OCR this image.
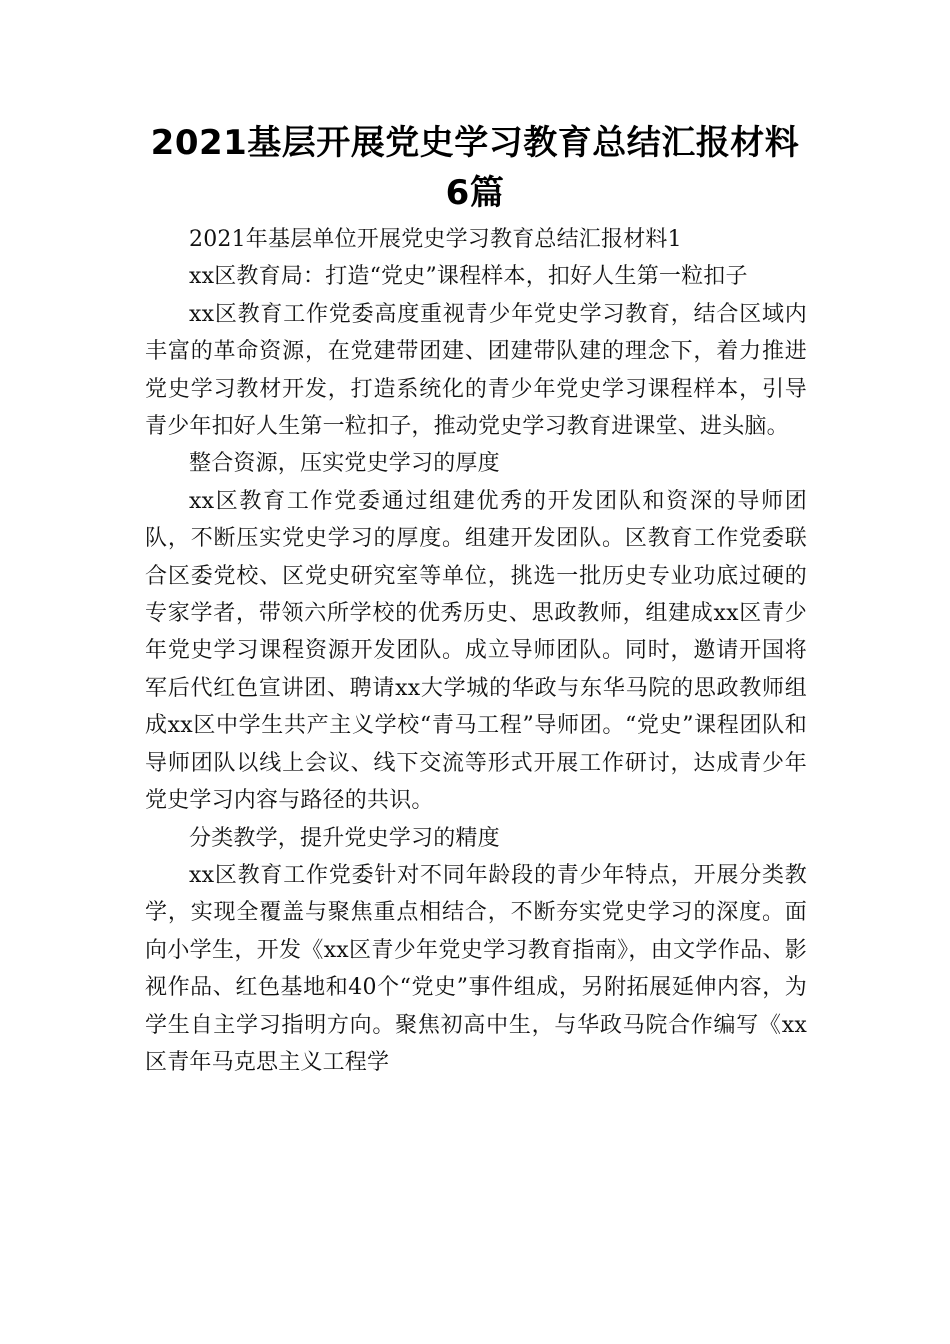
2021基层开展党史学习教育总结汇报材料6篇

2021年基层单位开展党史学习教育总结汇报材料1

xx区教育局：打造“党史”课程样本，扣好人生第一粒扣子

xx区教育工作党委高度重视青少年党史学习教育，结合区域内丰富的革命资源，在党建带团建、团建带队建的理念下，着力推进党史学习教材开发，打造系统化的青少年党史学习课程样本，引导青少年扣好人生第一粒扣子，推动党史学习教育进课堂、进头脑。

整合资源，压实党史学习的厚度

xx区教育工作党委通过组建优秀的开发团队和资深的导师团队，不断压实党史学习的厚度。组建开发团队。区教育工作党委联合区委党校、区党史研究室等单位，挑选一批历史专业功底过硬的专家学者，带领六所学校的优秀历史、思政教师，组建成xx区青少年党史学习课程资源开发团队。成立导师团队。同时，邀请开国将军后代红色宣讲团、聘请xx大学城的华政与东华马院的思政教师组成xx区中学生共产主义学校“青马工程”导师团。“党史”课程团队和导师团队以线上会议、线下交流等形式开展工作研讨，达成青少年党史学习内容与路径的共识。

分类教学，提升党史学习的精度

xx区教育工作党委针对不同年龄段的青少年特点，开展分类教学，实现全覆盖与聚焦重点相结合，不断夯实党史学习的深度。面向小学生，开发《xx区青少年党史学习教育指南》，由文学作品、影视作品、红色基地和40个“党史”事件组成，另附拓展延伸内容，为学生自主学习指明方向。聚焦初高中生，与华政马院合作编写《xx区青年马克思主义工程学
